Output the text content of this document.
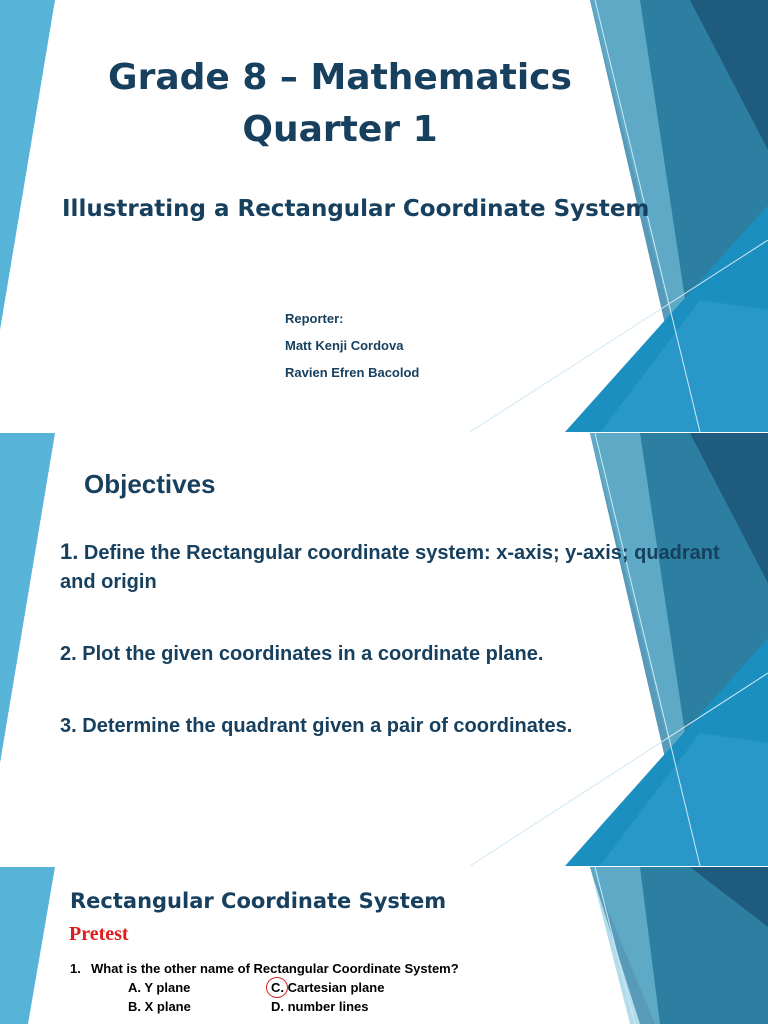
Grade 8 – Mathematics
Quarter 1
Illustrating a Rectangular Coordinate System
Reporter:
Matt Kenji Cordova
Ravien Efren Bacolod
Objectives
1. Define the Rectangular coordinate system: x-axis; y-axis; quadrant and origin
2. Plot the given coordinates in a coordinate plane.
3. Determine the quadrant given a pair of coordinates.
Rectangular Coordinate System
Pretest
1. What is the other name of Rectangular Coordinate System?
A. Y plane
B. X plane
C. Cartesian plane
D. number lines
